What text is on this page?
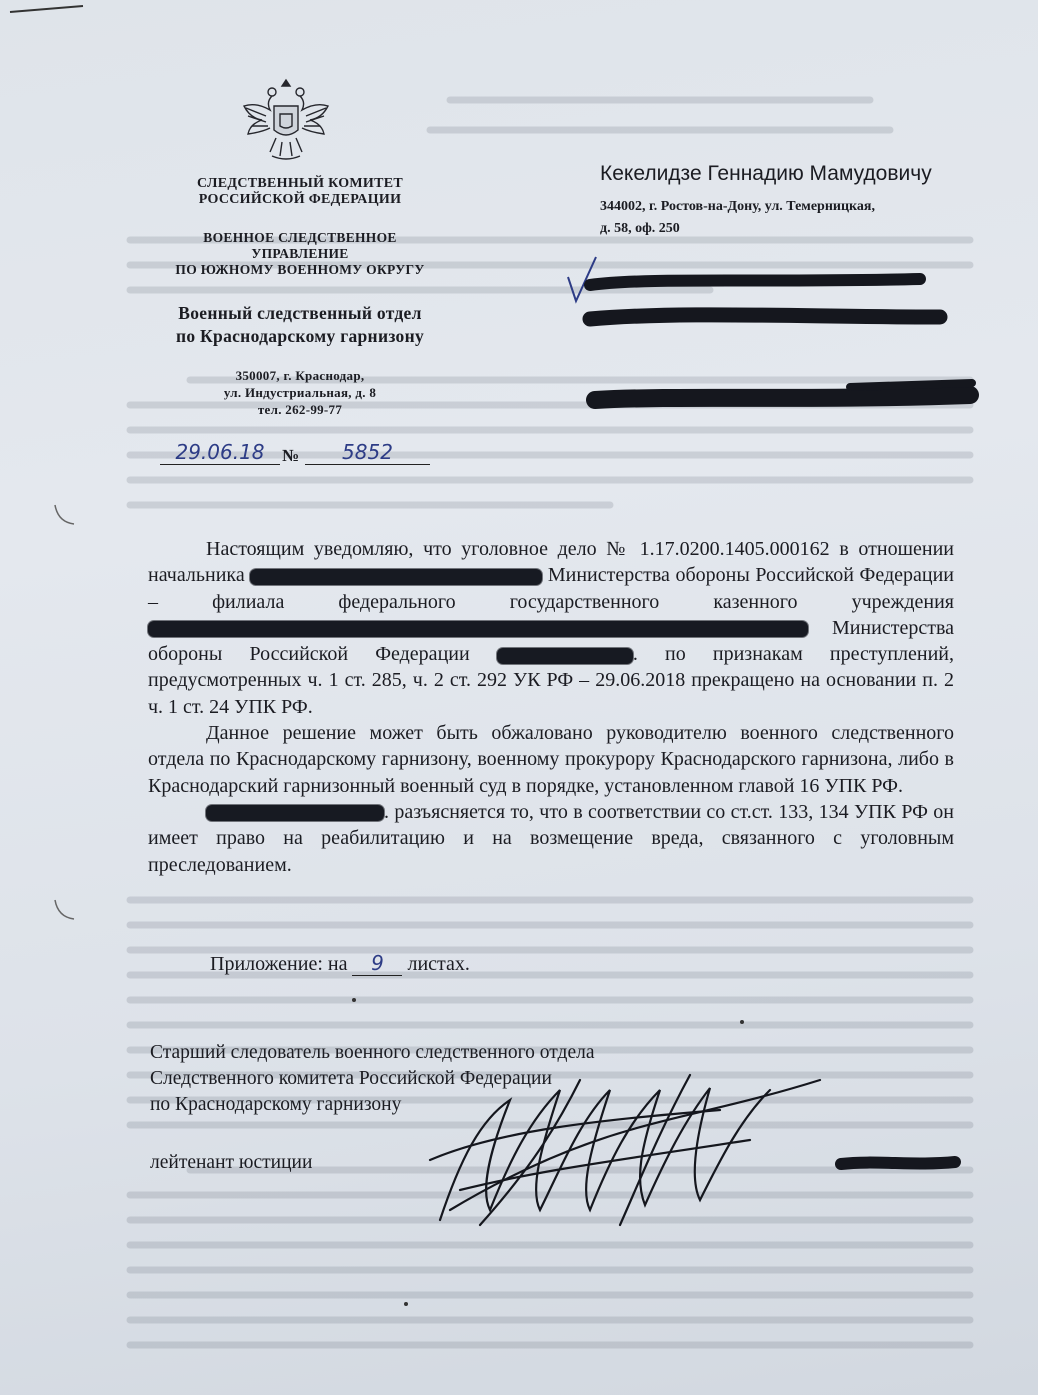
СЛЕДСТВЕННЫЙ КОМИТЕТ
РОССИЙСКОЙ ФЕДЕРАЦИИ
ВОЕННОЕ СЛЕДСТВЕННОЕ
УПРАВЛЕНИЕ
ПО ЮЖНОМУ ВОЕННОМУ ОКРУГУ
Военный следственный отдел
по Краснодарскому гарнизону
350007, г. Краснодар,
ул. Индустриальная, д. 8
тел. 262-99-77
29.06.18	№	5852
Кекелидзе Геннадию Мамудовичу
344002, г. Ростов-на-Дону, ул. Темерницкая,
д. 58, оф. 250

Настоящим уведомляю, что уголовное дело № 1.17.0200.1405.000162 в отношении начальника	Министерства обороны Российской Федерации – филиала федерального государственного казенного учреждения  Министерства обороны Российской Федерации	. по признакам преступлений, предусмотренных ч. 1 ст. 285, ч. 2 ст. 292 УК РФ – 29.06.2018 прекращено на основании п. 2 ч. 1 ст. 24 УПК РФ.

Данное решение может быть обжаловано руководителю военного следственного отдела по Краснодарскому гарнизону, военному прокурору Краснодарского гарнизона, либо в Краснодарский гарнизонный военный суд в порядке, установленном главой 16 УПК РФ.

. разъясняется то, что в соответствии со ст.ст. 133, 134 УПК РФ он имеет право на реабилитацию и на возмещение вреда, связанного с уголовным преследованием.

Приложение: на 9 листах.
Старший следователь военного следственного отдела
Следственного комитета Российской Федерации
по Краснодарскому гарнизону
лейтенант юстиции
